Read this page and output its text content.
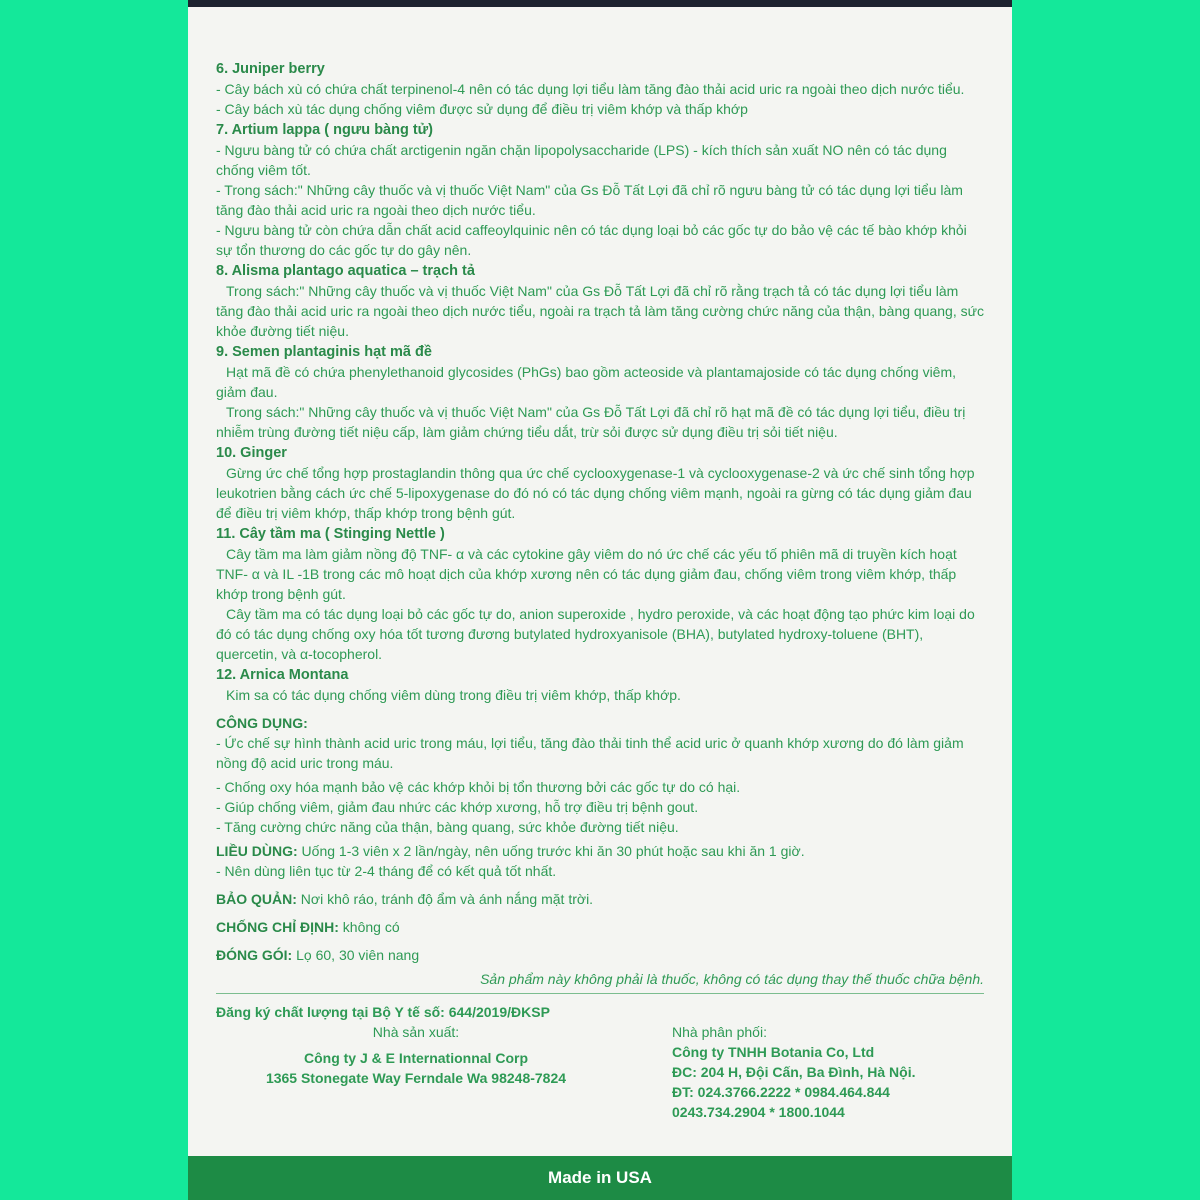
6. Juniper berry

- Cây bách xù có chứa chất terpinenol-4 nên có tác dụng lợi tiểu làm tăng đào thải acid uric ra ngoài theo dịch nước tiểu.

- Cây bách xù tác dụng chống viêm được sử dụng để điều trị viêm khớp và thấp khớp

7. Artium lappa ( ngưu bàng tử)

- Ngưu bàng tử có chứa chất arctigenin ngăn chặn lipopolysaccharide (LPS) - kích thích sản xuất NO nên có tác dụng chống viêm tốt.

- Trong sách:" Những cây thuốc và vị thuốc Việt Nam" của Gs Đỗ Tất Lợi đã chỉ rõ ngưu bàng tử có tác dụng lợi tiểu làm tăng đào thải acid uric ra ngoài theo dịch nước tiểu.

- Ngưu bàng tử còn chứa dẫn chất acid caffeoylquinic nên có tác dụng loại bỏ các gốc tự do bảo vệ các tế bào khớp khỏi sự tổn thương do các gốc tự do gây nên.

8. Alisma plantago aquatica – trạch tả

Trong sách:" Những cây thuốc và vị thuốc Việt Nam" của Gs Đỗ Tất Lợi đã chỉ rõ rằng trạch tả có tác dụng lợi tiểu làm tăng đào thải acid uric ra ngoài theo dịch nước tiểu, ngoài ra trạch tả làm tăng cường chức năng của thận, bàng quang, sức khỏe đường tiết niệu.

9. Semen plantaginis hạt mã đề

Hạt mã đề có chứa phenylethanoid glycosides (PhGs) bao gồm acteoside và plantamajoside có tác dụng chống viêm, giảm đau.

Trong sách:" Những cây thuốc và vị thuốc Việt Nam" của Gs Đỗ Tất Lợi đã chỉ rõ hạt mã đề có tác dụng lợi tiểu, điều trị nhiễm trùng đường tiết niệu cấp, làm giảm chứng tiểu dắt, trừ sỏi được sử dụng điều trị sỏi tiết niệu.

10. Ginger

Gừng ức chế tổng hợp prostaglandin thông qua ức chế cyclooxygenase-1 và cyclooxygenase-2 và ức chế sinh tổng hợp leukotrien bằng cách ức chế 5-lipoxygenase do đó nó có tác dụng chống viêm mạnh, ngoài ra gừng có tác dụng giảm đau để điều trị viêm khớp, thấp khớp trong bệnh gút.

11. Cây tầm ma ( Stinging Nettle )

Cây tầm ma làm giảm nồng độ TNF- α và các cytokine gây viêm do nó ức chế các yếu tố phiên mã di truyền kích hoạt TNF- α và IL -1B trong các mô hoạt dịch của khớp xương nên có tác dụng giảm đau, chống viêm trong viêm khớp, thấp khớp trong bệnh gút.

Cây tầm ma có tác dụng loại bỏ các gốc tự do, anion superoxide , hydro peroxide, và các hoạt động tạo phức kim loại do đó có tác dụng chống oxy hóa tốt tương đương butylated hydroxyanisole (BHA), butylated hydroxy-toluene (BHT), quercetin, và α-tocopherol.

12. Arnica Montana

Kim sa có tác dụng chống viêm dùng trong điều trị viêm khớp, thấp khớp.

CÔNG DỤNG:

- Ức chế sự hình thành acid uric trong máu, lợi tiểu, tăng đào thải tinh thể acid uric ở quanh khớp xương do đó làm giảm nồng độ acid uric trong máu.

- Chống oxy hóa mạnh bảo vệ các khớp khỏi bị tổn thương bởi các gốc tự do có hại.

- Giúp chống viêm, giảm đau nhức các khớp xương, hỗ trợ điều trị bệnh gout.

- Tăng cường chức năng của thận, bàng quang, sức khỏe đường tiết niệu.

LIỀU DÙNG: Uống 1-3 viên x 2 lần/ngày, nên uống trước khi ăn 30 phút hoặc sau khi ăn 1 giờ.

- Nên dùng liên tục từ 2-4 tháng để có kết quả tốt nhất.

BẢO QUẢN: Nơi khô ráo, tránh độ ẩm và ánh nắng mặt trời.

CHỐNG CHỈ ĐỊNH: không có

ĐÓNG GÓI: Lọ 60, 30 viên nang

Sản phẩm này không phải là thuốc, không có tác dụng thay thế thuốc chữa bệnh.
Đăng ký chất lượng tại Bộ Y tế số: 644/2019/ĐKSP
Nhà sản xuất:
Công ty J & E Internationnal Corp
1365 Stonegate Way Ferndale Wa 98248-7824
Nhà phân phối:
Công ty TNHH Botania Co, Ltd
ĐC: 204 H, Đội Cấn, Ba Đình, Hà Nội.
ĐT: 024.3766.2222 * 0984.464.844
0243.734.2904 * 1800.1044
Made in USA
